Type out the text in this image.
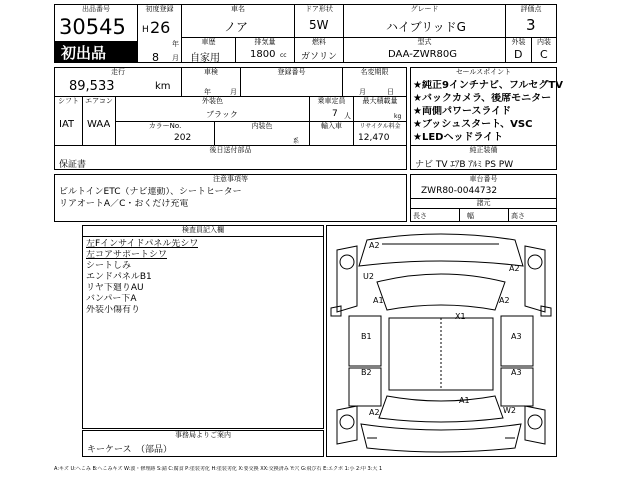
出品番号
30545
初出品
初度登録
H 26
年
8 月
車名
ノア
ドア形状
5W
グレード
ハイブリッドG
評価点
3
車歴
自家用
排気量
1800 cc
燃料
ガソリン
型式
DAA-ZWR80G
外装
D
内装
C
走行
89,533	km
車検
年	月
登録番号	名変期限
月	日
シフト
IAT
エアコン
WAA
外装色
ブラック
乗車定員
7 人
最大積載量
kg
カラーNo.
202
内装色
系
輸入車	リサイクル料金
12,470
セールスポイント
★純正9インチナビ、フルセグTV
★バックカメラ、後席モニター
★両側パワースライド
★プッシュスタート、VSC
★LEDヘッドライト
後日送付部品
保証書
純正装備
ナビ TV ｴｱB ｱﾙﾐ PS PW
注意事項等
ビルトインETC（ナビ連動）、シートヒーター
リアオートA／C・おくだけ充電
車台番号
ZWR80-0044732
諸元
長さ	幅	高さ
検査員記入欄
左Fインサイドパネル先シワ
左コアサポートシワ
シートしみ
エンドパネルB1
リヤ下廻りAU
バンパー下A
外装小傷有り
A2
U2
A1	A2
A2
X1
B1	A3
B2	A3
A2
A1
W2
事務局よりご案内
キーケース　（部品）
A:キズ U:へこみ B:へこみキズ W:波・修理跡 S:錆 C:腐食 P:塗装劣化 H:塗装劣化 X:要交換 XX:交換済み Y:穴 G:飛び石 E:エクボ 1:小 2:中 3:大 1
